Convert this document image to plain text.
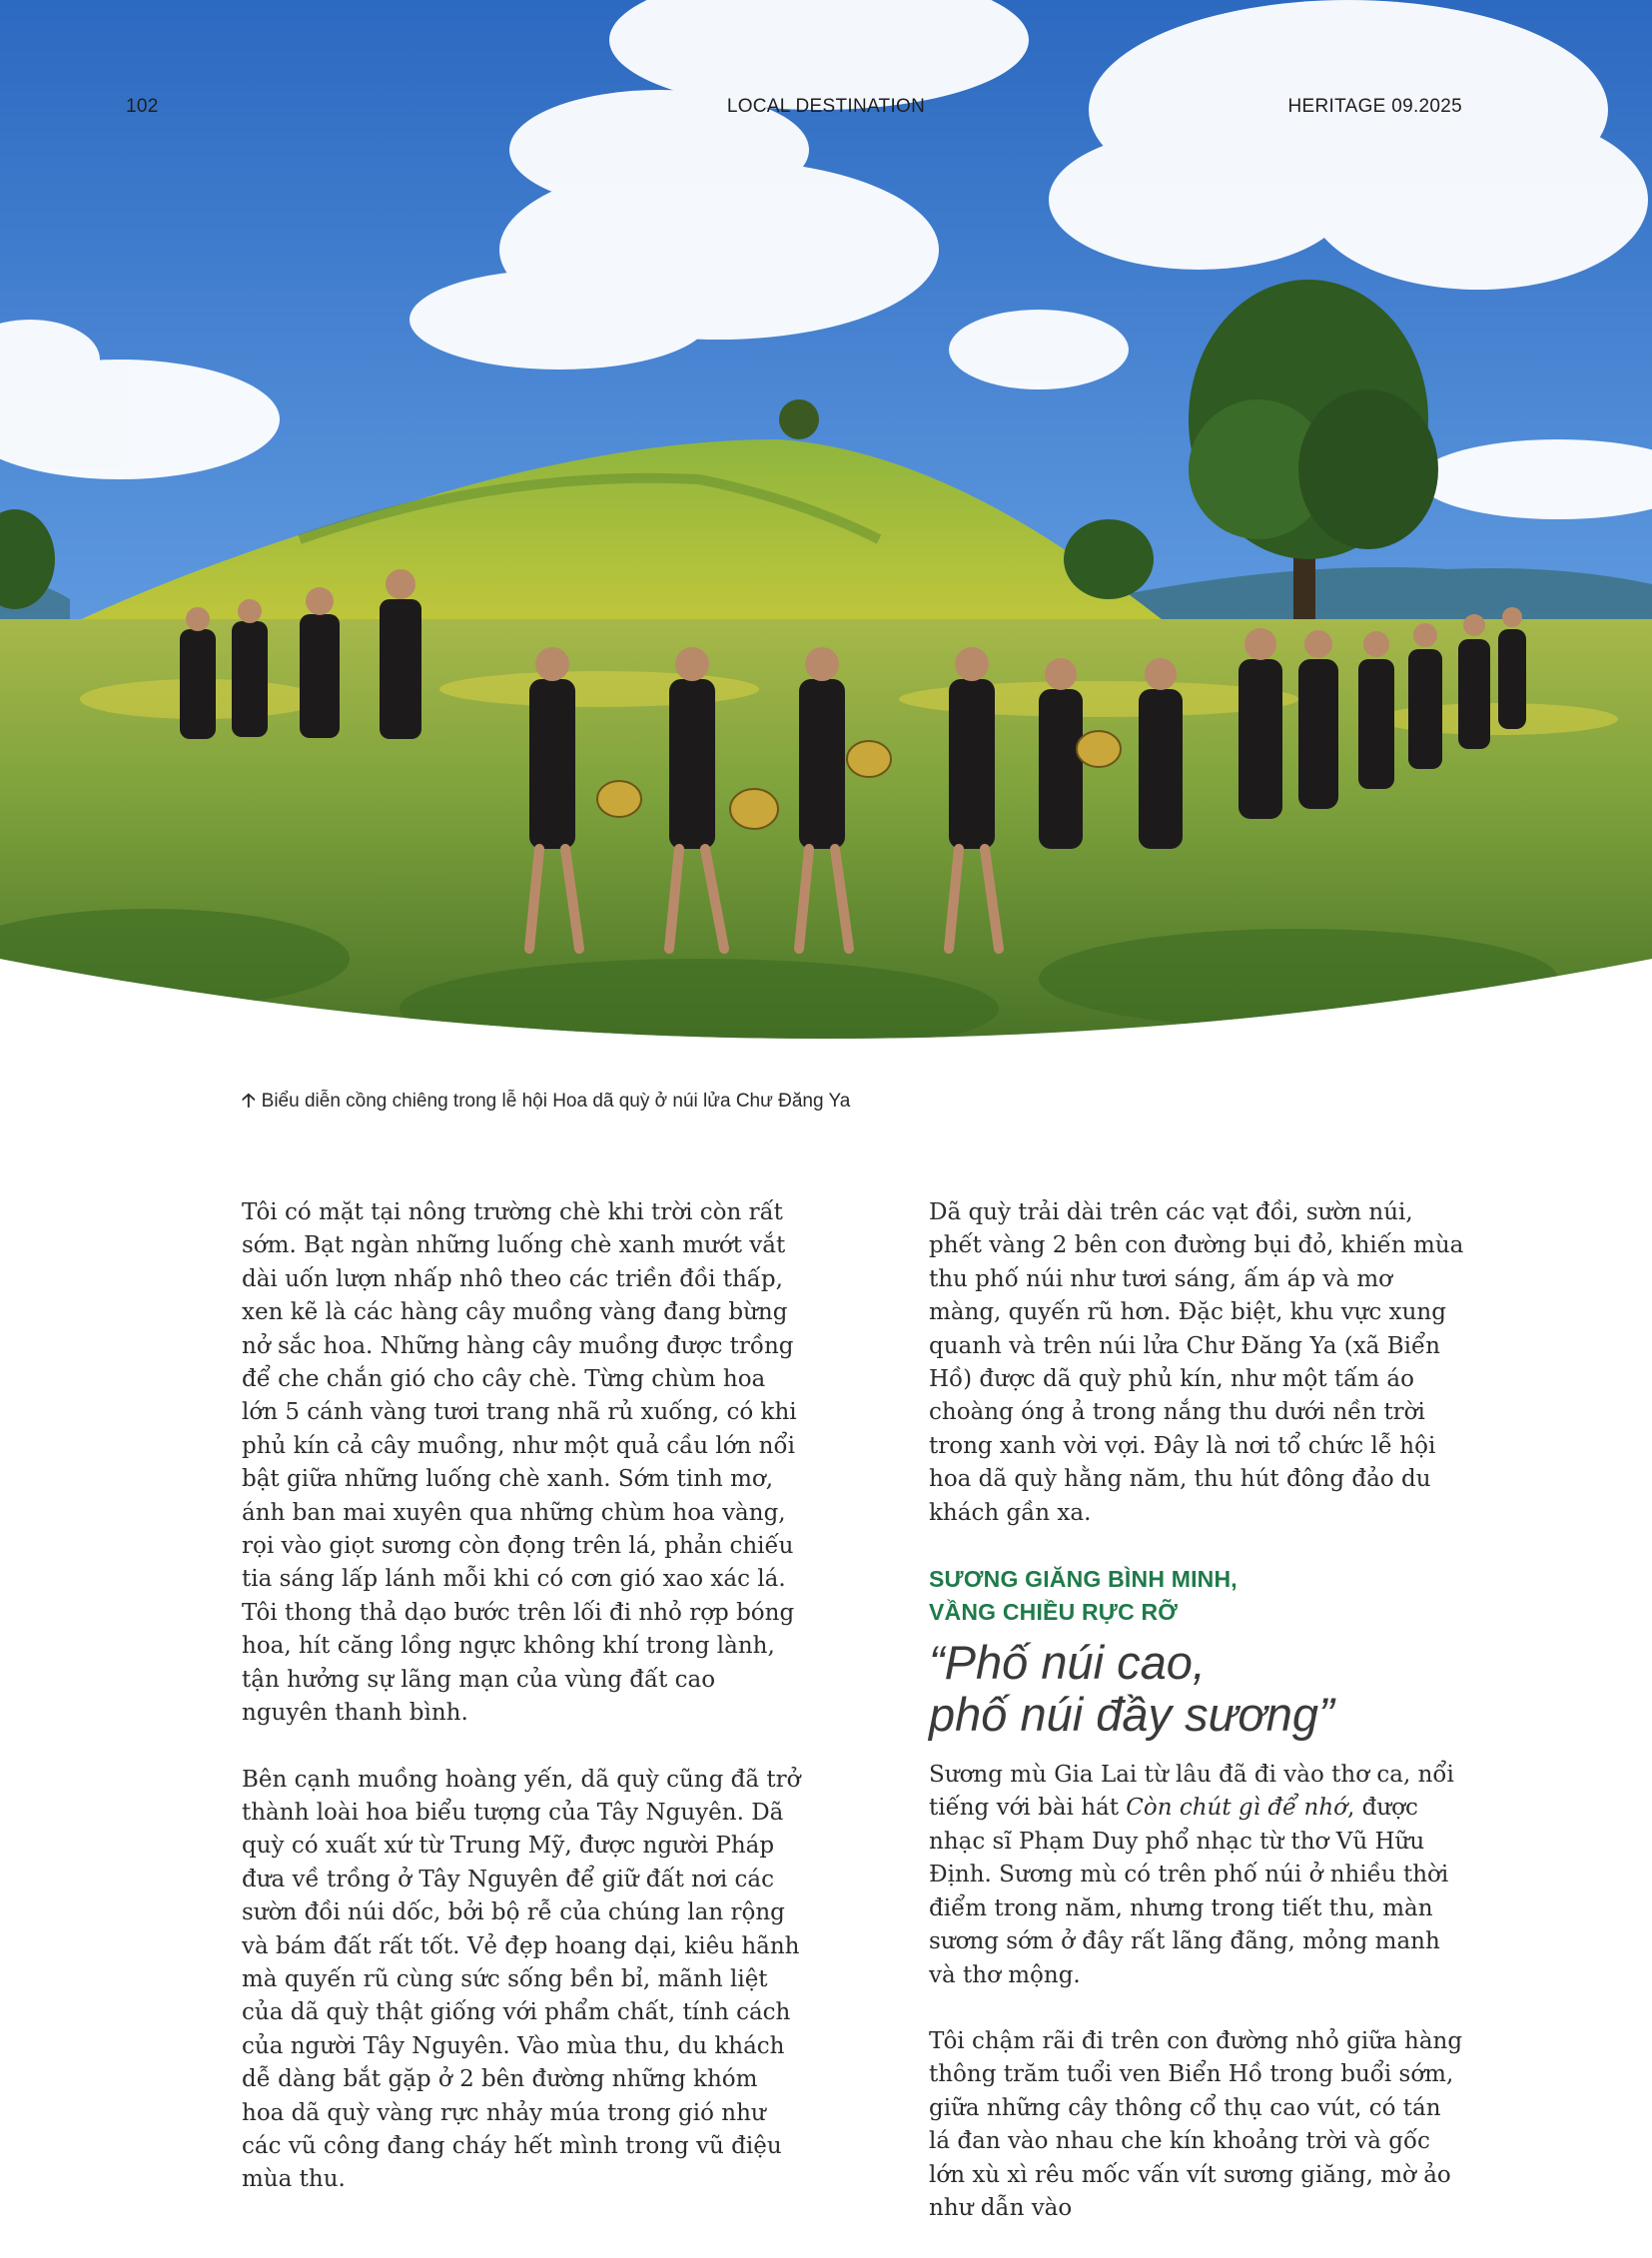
102	LOCAL DESTINATION	HERITAGE 09.2025
🡡 Biểu diễn cồng chiêng trong lễ hội Hoa dã quỳ ở núi lửa Chư Đăng Ya

Tôi có mặt tại nông trường chè khi trời còn rất sớm. Bạt ngàn những luống chè xanh mướt vắt dài uốn lượn nhấp nhô theo các triền đồi thấp, xen kẽ là các hàng cây muồng vàng đang bừng nở sắc hoa. Những hàng cây muồng được trồng để che chắn gió cho cây chè. Từng chùm hoa lớn 5 cánh vàng tươi trang nhã rủ xuống, có khi phủ kín cả cây muồng, như một quả cầu lớn nổi bật giữa những luống chè xanh. Sớm tinh mơ, ánh ban mai xuyên qua những chùm hoa vàng, rọi vào giọt sương còn đọng trên lá, phản chiếu tia sáng lấp lánh mỗi khi có cơn gió xao xác lá. Tôi thong thả dạo bước trên lối đi nhỏ rợp bóng hoa, hít căng lồng ngực không khí trong lành, tận hưởng sự lãng mạn của vùng đất cao nguyên thanh bình.

Bên cạnh muồng hoàng yến, dã quỳ cũng đã trở thành loài hoa biểu tượng của Tây Nguyên. Dã quỳ có xuất xứ từ Trung Mỹ, được người Pháp đưa về trồng ở Tây Nguyên để giữ đất nơi các sườn đồi núi dốc, bởi bộ rễ của chúng lan rộng và bám đất rất tốt. Vẻ đẹp hoang dại, kiêu hãnh mà quyến rũ cùng sức sống bền bỉ, mãnh liệt của dã quỳ thật giống với phẩm chất, tính cách của người Tây Nguyên. Vào mùa thu, du khách dễ dàng bắt gặp ở 2 bên đường những khóm hoa dã quỳ vàng rực nhảy múa trong gió như các vũ công đang cháy hết mình trong vũ điệu mùa thu.

Dã quỳ trải dài trên các vạt đồi, sườn núi, phết vàng 2 bên con đường bụi đỏ, khiến mùa thu phố núi như tươi sáng, ấm áp và mơ màng, quyến rũ hơn. Đặc biệt, khu vực xung quanh và trên núi lửa Chư Đăng Ya (xã Biển Hồ) được dã quỳ phủ kín, như một tấm áo choàng óng ả trong nắng thu dưới nền trời trong xanh vời vợi. Đây là nơi tổ chức lễ hội hoa dã quỳ hằng năm, thu hút đông đảo du khách gần xa.

SƯƠNG GIĂNG BÌNH MINH,
VẦNG CHIỀU RỰC RỠ
“Phố núi cao,
phố núi đầy sương”

Sương mù Gia Lai từ lâu đã đi vào thơ ca, nổi tiếng với bài hát Còn chút gì để nhớ, được nhạc sĩ Phạm Duy phổ nhạc từ thơ Vũ Hữu Định. Sương mù có trên phố núi ở nhiều thời điểm trong năm, nhưng trong tiết thu, màn sương sớm ở đây rất lãng đãng, mỏng manh và thơ mộng.

Tôi chậm rãi đi trên con đường nhỏ giữa hàng thông trăm tuổi ven Biển Hồ trong buổi sớm, giữa những cây thông cổ thụ cao vút, có tán lá đan vào nhau che kín khoảng trời và gốc lớn xù xì rêu mốc vấn vít sương giăng, mờ ảo như dẫn vào
